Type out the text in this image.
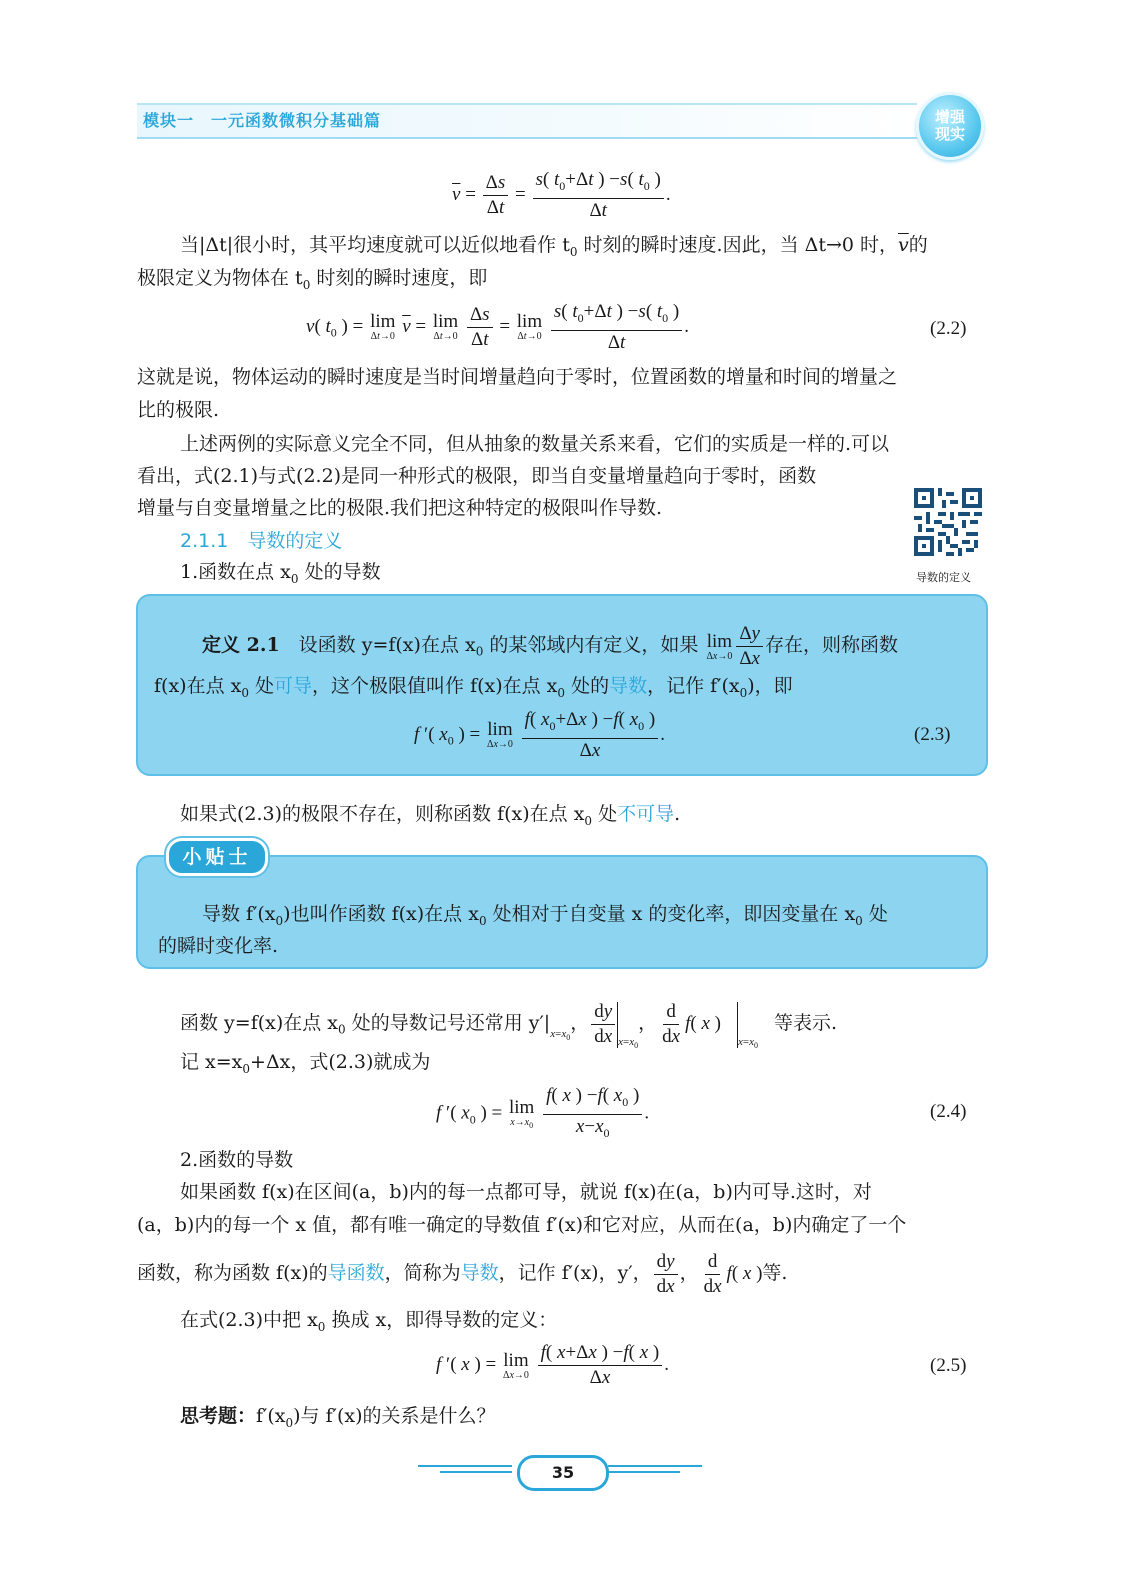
模块一　一元函数微积分基础篇	增强
现实
$\overline{v} = \frac{\Delta s}{\Delta t} = \frac{s( t_0+\Delta t ) -s( t_0 )}{\Delta t}$ .
当|Δt|很小时，其平均速度就可以近似地看作 $t_0$ 时刻的瞬时速度.因此，当 Δt→0 时，$\overline{v}$的
极限定义为物体在 $t_0$ 时刻的瞬时速度，即
v( $t_0$ ) = lim
Δt→0
$\overline{v} = \lim$
Δt→0
$\frac{\Delta s}{\Delta t} = \lim$
Δt→0
$\frac{s( t_0+\Delta t ) -s( t_0 )}{\Delta t}$ .	(2.2)
这就是说，物体运动的瞬时速度是当时间增量趋向于零时，位置函数的增量和时间的增量之
比的极限.
上述两例的实际意义完全不同，但从抽象的数量关系来看，它们的实质是一样的.可以
看出，式(2.1)与式(2.2)是同一种形式的极限，即当自变量增量趋向于零时，函数
增量与自变量增量之比的极限.我们把这种特定的极限叫作导数.
2.1.1　导数的定义
1.函数在点 $x_0$ 处的导数	导数的定义
定义 2.1　设函数 y=f(x)在点 $x_0$ 的某邻域内有定义，如果 lim
$\Delta x\to 0 \frac{\Delta y}{\Delta x}$ 存在，则称函数
f(x)在点 $x_0$ 处可导，这个极限值叫作 f(x)在点 $x_0$ 处的导数，记作 $f'(x_0)$，即
f ′( $x_0$ ) = lim
Δx→0
$\frac{f( x_0+\Delta x ) -f( x_0 )}{\Delta x}$ .	(2.3)
如果式(2.3)的极限不存在，则称函数 f(x)在点 $x_0$ 处不可导.
小贴士
导数 $f'(x_0)$也叫作函数 f(x)在点 $x_0$ 处相对于自变量 x 的变化率，即因变量在 $x_0$ 处
的瞬时变化率.
函数 y=f(x)在点 $x_0$ 处的导数记号还常用 $y'|_{x=x_0}$， $\frac{dy}{dx} _{x=x_0}$， $\frac{d}{dx} f$( x )$_{x=x_0}$ 等表示.
记 $x=x_0+\Delta x$，式(2.3)就成为
f ′( $x_0$ ) = lim
$x\to x_0$
$\frac{f( x ) -f( x_0 )}{x-x_0}$ .	(2.4)
2.函数的导数
如果函数 f(x)在区间(a，b)内的每一点都可导，就说 f(x)在(a，b)内可导.这时，对
(a，b)内的每一个 x 值，都有唯一确定的导数值 f′(x)和它对应，从而在(a，b)内确定了一个
函数，称为函数 f(x)的导函数，简称为导数，记作 f′(x)，y′， $\frac{dy}{dx}$ ， $\frac{d}{dx} f$( x )等.
在式(2.3)中把 $x_0$ 换成 x，即得导数的定义：
f ′( x ) = lim
Δx→0
$\frac{f( x+\Delta x ) -f( x )}{\Delta x}$ .	(2.5)
思考题：$f'(x_0)$与 f′(x)的关系是什么？
35
